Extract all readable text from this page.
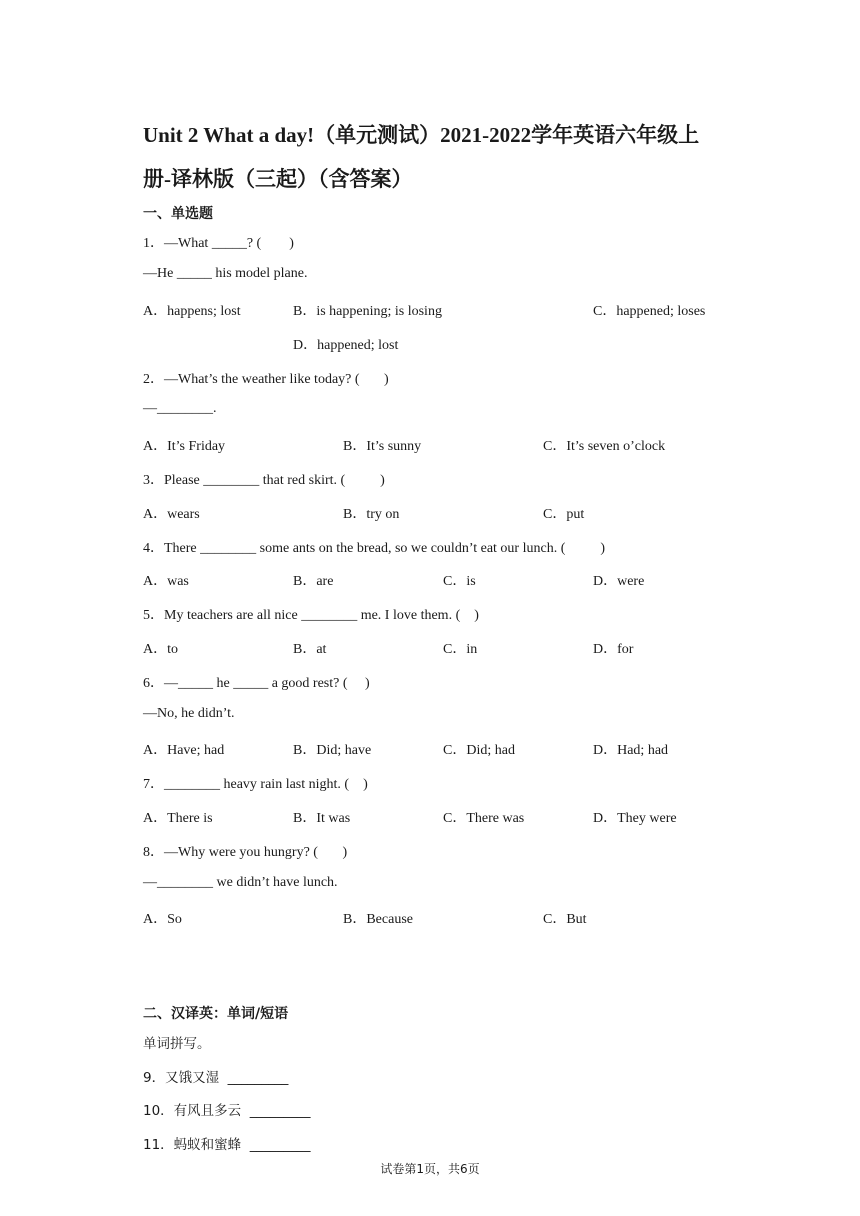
Unit 2 What a day!（单元测试）2021-2022学年英语六年级上
册-译林版（三起）（含答案）
一、单选题
1．—What _____? (        )
—He _____ his model plane.
A．happens; lost	B．is happening; is losing	C．happened; loses
D．happened; lost
2．—What’s the weather like today? (       )
—________.
A．It’s Friday	B．It’s sunny	C．It’s seven o’clock
3．Please ________ that red skirt. (          )
A．wears	B．try on	C．put
4．There ________ some ants on the bread, so we couldn’t eat our lunch. (          )
A．was	B．are	C．is	D．were
5．My teachers are all nice ________ me. I love them. (    )
A．to	B．at	C．in	D．for
6．—_____ he _____ a good rest? (     )
—No, he didn’t.
A．Have; had	B．Did; have	C．Did; had	D．Had; had
7．________ heavy rain last night. (    )
A．There is	B．It was	C．There was	D．They were
8．—Why were you hungry? (       )
—________ we didn’t have lunch.
A．So	B．Because	C．But
二、汉译英：单词/短语
单词拼写。
9．又饿又湿  _________
10．有风且多云  _________
11．蚂蚁和蜜蜂  _________
试卷第1页，共6页
